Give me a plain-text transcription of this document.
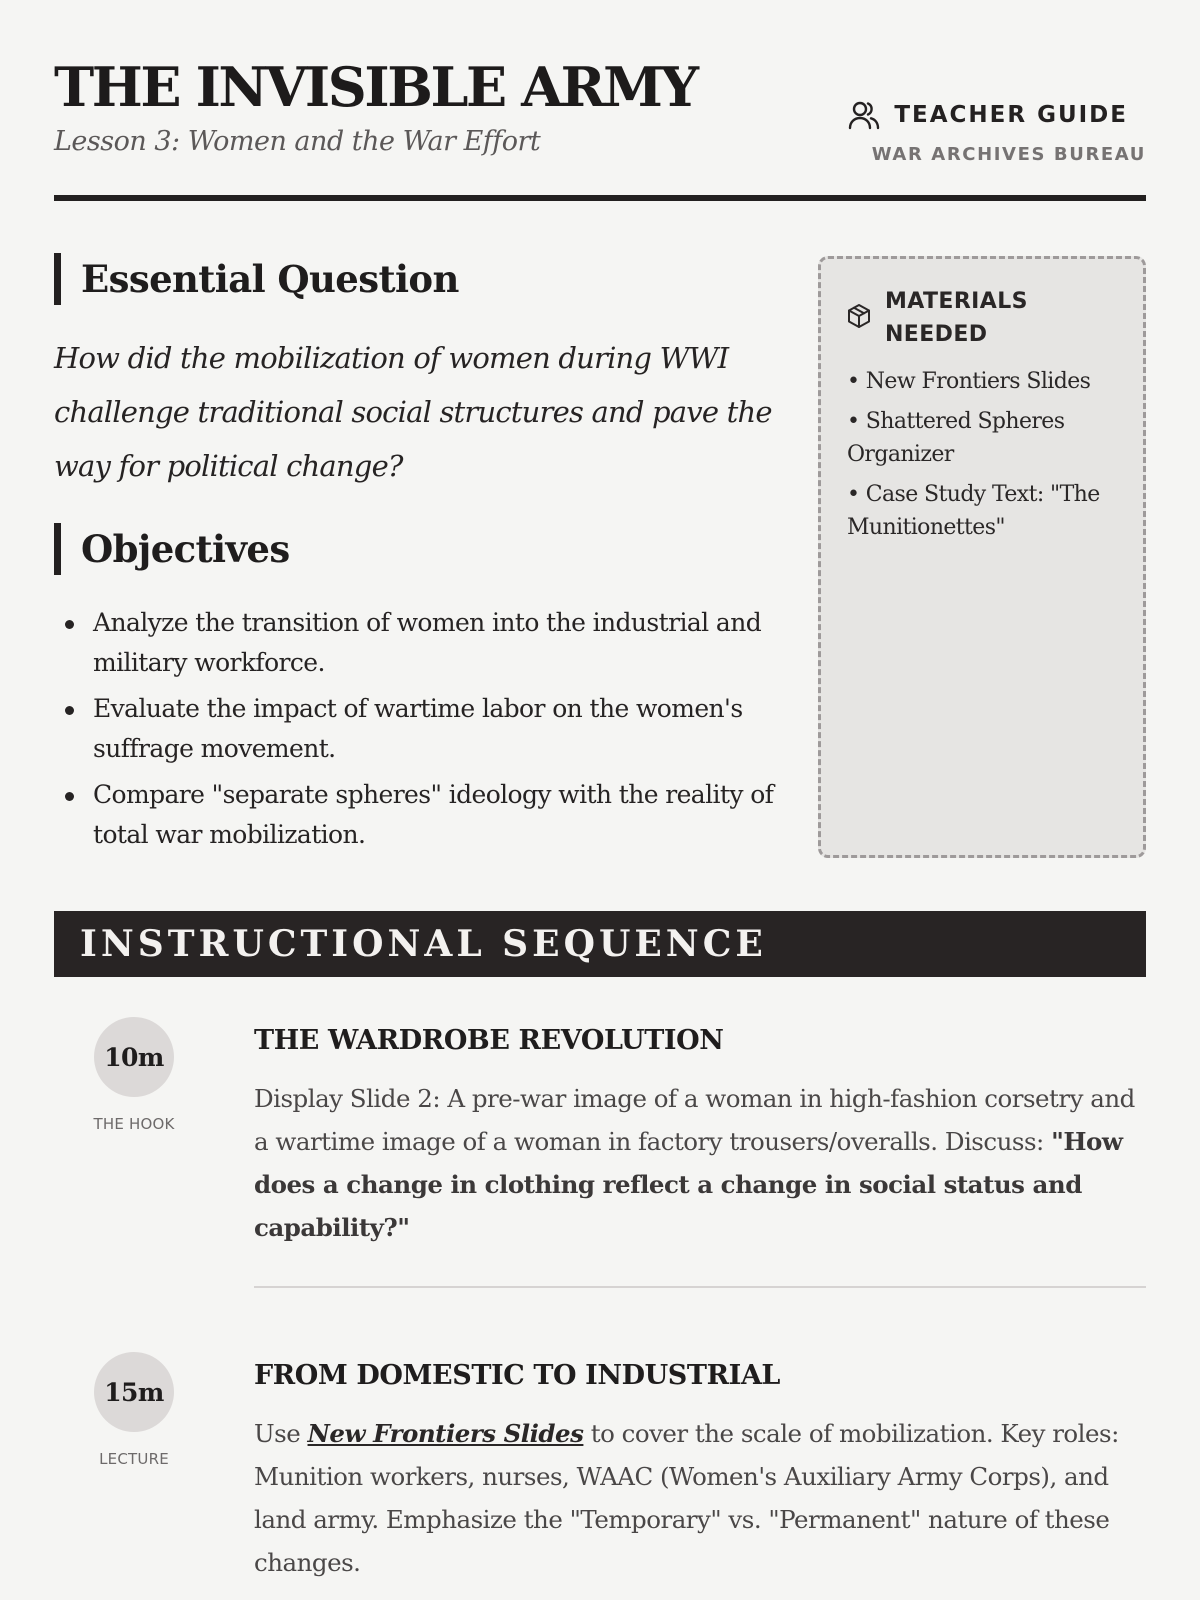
THE INVISIBLE ARMY
Lesson 3: Women and the War Effort
TEACHER GUIDE
WAR ARCHIVES BUREAU
Essential Question
How did the mobilization of women during WWI challenge traditional social structures and pave the way for political change?
Objectives
Analyze the transition of women into the industrial and military workforce.
Evaluate the impact of wartime labor on the women's suffrage movement.
Compare "separate spheres" ideology with the reality of total war mobilization.
MATERIALS NEEDED
• New Frontiers Slides
• Shattered Spheres Organizer
• Case Study Text: "The Munitionettes"
INSTRUCTIONAL SEQUENCE
10m
THE HOOK
THE WARDROBE REVOLUTION
Display Slide 2: A pre-war image of a woman in high-fashion corsetry and a wartime image of a woman in factory trousers/overalls. Discuss: "How does a change in clothing reflect a change in social status and capability?"
15m
LECTURE
FROM DOMESTIC TO INDUSTRIAL
Use New Frontiers Slides to cover the scale of mobilization. Key roles: Munition workers, nurses, WAAC (Women's Auxiliary Army Corps), and land army. Emphasize the "Temporary" vs. "Permanent" nature of these changes.
